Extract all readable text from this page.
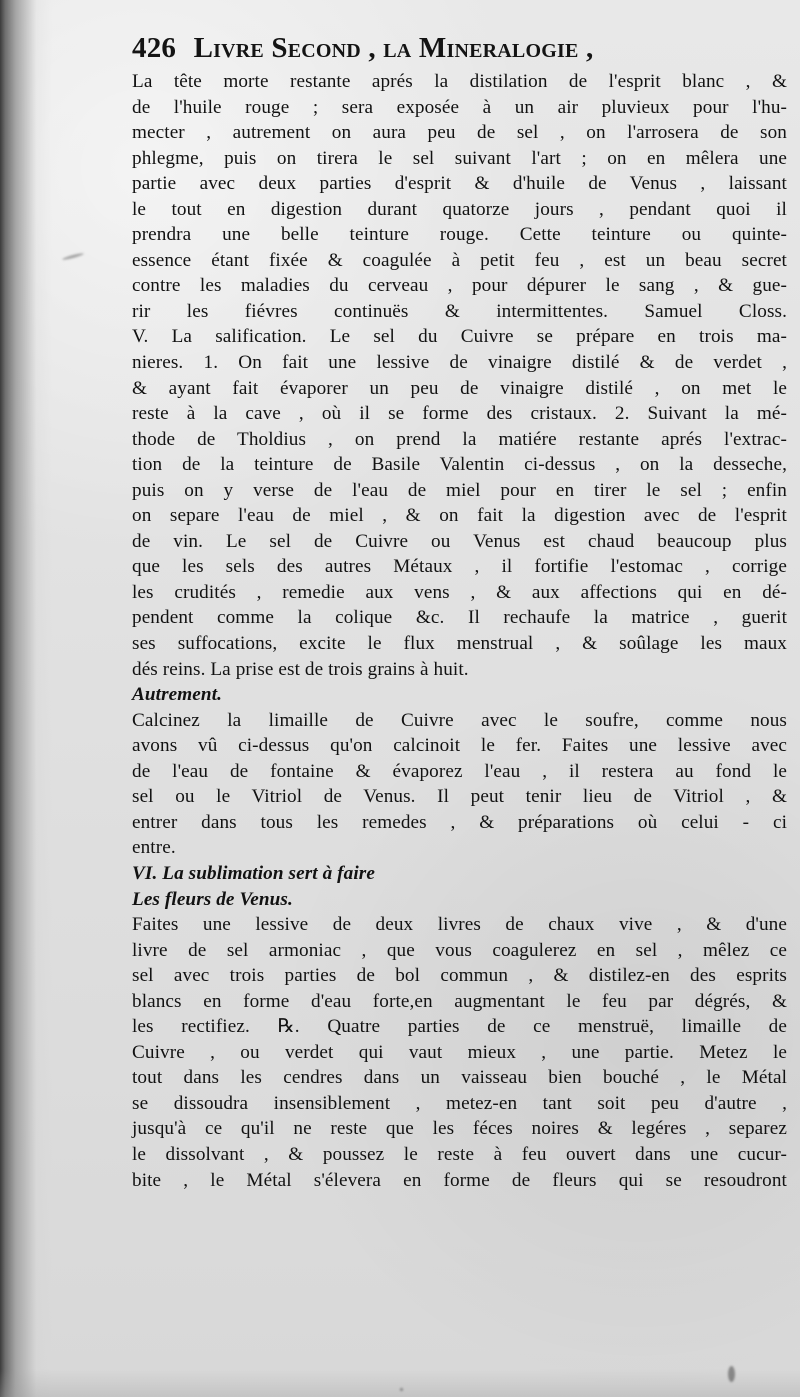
426 Livre Second , la Mineralogie ,
La tête morte restante aprés la distilation de l'esprit blanc , &
de l'huile rouge ; sera exposée à un air pluvieux pour l'hu-
mecter , autrement on aura peu de sel , on l'arrosera de son
phlegme, puis on tirera le sel suivant l'art ; on en mêlera une
partie avec deux parties d'esprit & d'huile de Venus , laissant
le tout en digestion durant quatorze jours , pendant quoi il
prendra une belle teinture rouge. Cette teinture ou quinte-
essence étant fixée & coagulée à petit feu , est un beau secret
contre les maladies du cerveau , pour dépurer le sang , & gue-
rir les fiévres continuës & intermittentes. Samuel Closs.
V. La salification. Le sel du Cuivre se prépare en trois ma-
nieres. 1. On fait une lessive de vinaigre distilé & de verdet ,
& ayant fait évaporer un peu de vinaigre distilé , on met le
reste à la cave , où il se forme des cristaux. 2. Suivant la mé-
thode de Tholdius , on prend la matiére restante aprés l'extrac-
tion de la teinture de Basile Valentin ci-dessus , on la desseche,
puis on y verse de l'eau de miel pour en tirer le sel ; enfin
on separe l'eau de miel , & on fait la digestion avec de l'esprit
de vin. Le sel de Cuivre ou Venus est chaud beaucoup plus
que les sels des autres Métaux , il fortifie l'estomac , corrige
les crudités , remedie aux vens , & aux affections qui en dé-
pendent comme la colique &c. Il rechaufe la matrice , guerit
ses suffocations, excite le flux menstrual , & soûlage les maux
dés reins. La prise est de trois grains à huit.
Autrement.
Calcinez la limaille de Cuivre avec le soufre, comme nous
avons vû ci-dessus qu'on calcinoit le fer. Faites une lessive avec
de l'eau de fontaine & évaporez l'eau , il restera au fond le
sel ou le Vitriol de Venus. Il peut tenir lieu de Vitriol , &
entrer dans tous les remedes , & préparations où celui - ci
entre.
VI. La sublimation sert à faire
Les fleurs de Venus.
Faites une lessive de deux livres de chaux vive , & d'une
livre de sel armoniac , que vous coagulerez en sel , mêlez ce
sel avec trois parties de bol commun , & distilez-en des esprits
blancs en forme d'eau forte,en augmentant le feu par dégrés, &
les rectifiez. ℞. Quatre parties de ce menstruë, limaille de
Cuivre , ou verdet qui vaut mieux , une partie. Metez le
tout dans les cendres dans un vaisseau bien bouché , le Métal
se dissoudra insensiblement , metez-en tant soit peu d'autre ,
jusqu'à ce qu'il ne reste que les féces noires & legéres , separez
le dissolvant , & poussez le reste à feu ouvert dans une cucur-
bite , le Métal s'élevera en forme de fleurs qui se resoudront
